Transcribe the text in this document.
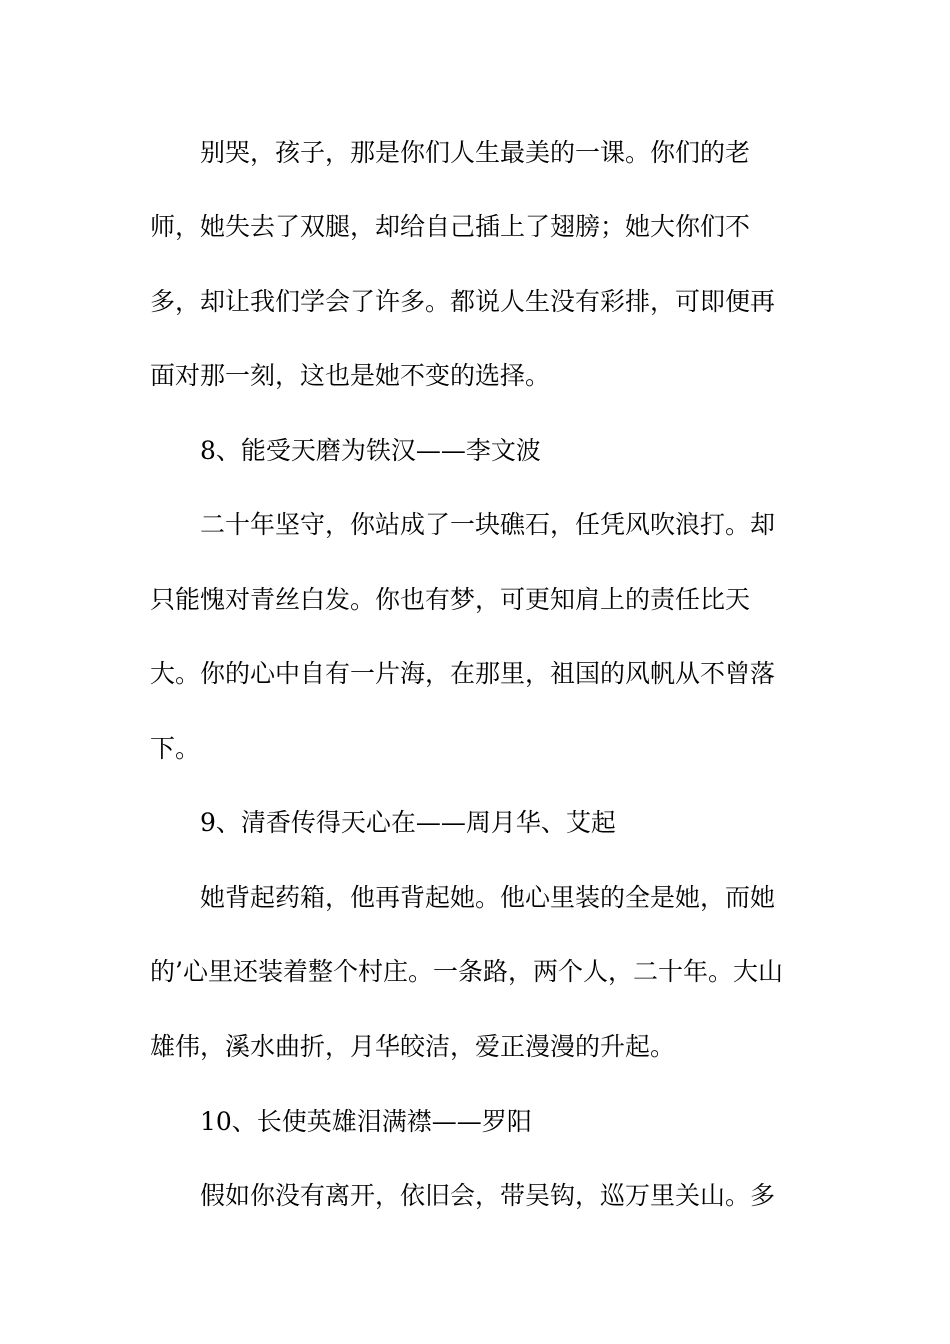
　　别哭，孩子，那是你们人生最美的一课。你们的老
师，她失去了双腿，却给自己插上了翅膀；她大你们不
多，却让我们学会了许多。都说人生没有彩排，可即便再
面对那一刻，这也是她不变的选择。
　　8、能受天磨为铁汉——李文波
　　二十年坚守，你站成了一块礁石，任凭风吹浪打。却
只能愧对青丝白发。你也有梦，可更知肩上的责任比天
大。你的心中自有一片海，在那里，祖国的风帆从不曾落
下。
　　9、清香传得天心在——周月华、艾起
　　她背起药箱，他再背起她。他心里装的全是她，而她
的’心里还装着整个村庄。一条路，两个人，二十年。大山
雄伟，溪水曲折，月华皎洁，爱正漫漫的升起。
　　10、长使英雄泪满襟——罗阳
　　假如你没有离开，依旧会，带吴钩，巡万里关山。多
